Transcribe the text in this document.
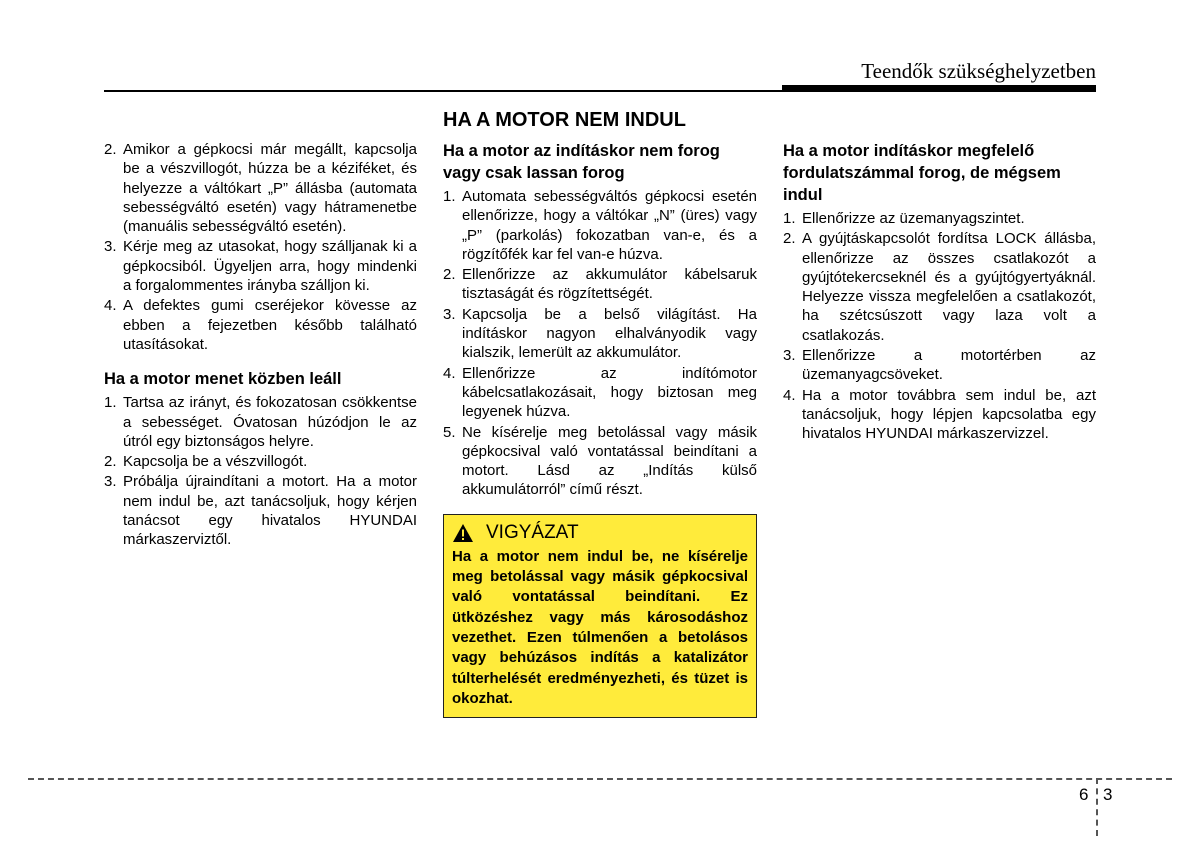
Teendők szükséghelyzetben
2. Amikor a gépkocsi már megállt, kapcsolja be a vészvillogót, húzza be a kéziféket, és helyezze a váltókart „P” állásba (automata sebességváltó esetén) vagy hátramenetbe (manuális sebességváltó esetén).
3. Kérje meg az utasokat, hogy szálljanak ki a gépkocsiból. Ügyeljen arra, hogy mindenki a forgalommentes irányba szálljon ki.
4. A defektes gumi cseréjekor kövesse az ebben a fejezetben később található utasításokat.
Ha a motor menet közben leáll
1. Tartsa az irányt, és fokozatosan csökkentse a sebességet. Óvatosan húzódjon le az útról egy biztonságos helyre.
2. Kapcsolja be a vészvillogót.
3. Próbálja újraindítani a motort. Ha a motor nem indul be, azt tanácsoljuk, hogy kérjen tanácsot egy hivatalos HYUNDAI márkaszerviztől.
HA A MOTOR NEM INDUL
Ha a motor az indításkor nem forog vagy csak lassan forog
1. Automata sebességváltós gépkocsi esetén ellenőrizze, hogy a váltókar „N” (üres) vagy „P” (parkolás) fokozatban van-e, és a rögzítőfék kar fel van-e húzva.
2. Ellenőrizze az akkumulátor kábelsaruk tisztaságát és rögzítettségét.
3. Kapcsolja be a belső világítást. Ha indításkor nagyon elhalványodik vagy kialszik, lemerült az akkumulátor.
4. Ellenőrizze az indítómotor kábelcsatlakozásait, hogy biztosan meg legyenek húzva.
5. Ne kísérelje meg betolással vagy másik gépkocsival való vontatással beindítani a motort. Lásd az „Indítás külső akkumulátorról” című részt.
VIGYÁZAT
Ha a motor nem indul be, ne kísérelje meg betolással vagy másik gépkocsival való vontatással beindítani. Ez ütközéshez vagy más károsodáshoz vezethet. Ezen túlmenően a betolásos vagy behúzásos indítás a katalizátor túlterhelését eredményezheti, és tüzet is okozhat.
Ha a motor indításkor megfelelő fordulatszámmal forog, de mégsem indul
1. Ellenőrizze az üzemanyagszintet.
2. A gyújtáskapcsolót fordítsa LOCK állásba, ellenőrizze az összes csatlakozót a gyújtótekercseknél és a gyújtógyertyáknál. Helyezze vissza megfelelően a csatlakozót, ha szétcsúszott vagy laza volt a csatlakozás.
3. Ellenőrizze a motortérben az üzemanyagcsöveket.
4. Ha a motor továbbra sem indul be, azt tanácsoljuk, hogy lépjen kapcsolatba egy hivatalos HYUNDAI márkaszervizzel.
6 3
